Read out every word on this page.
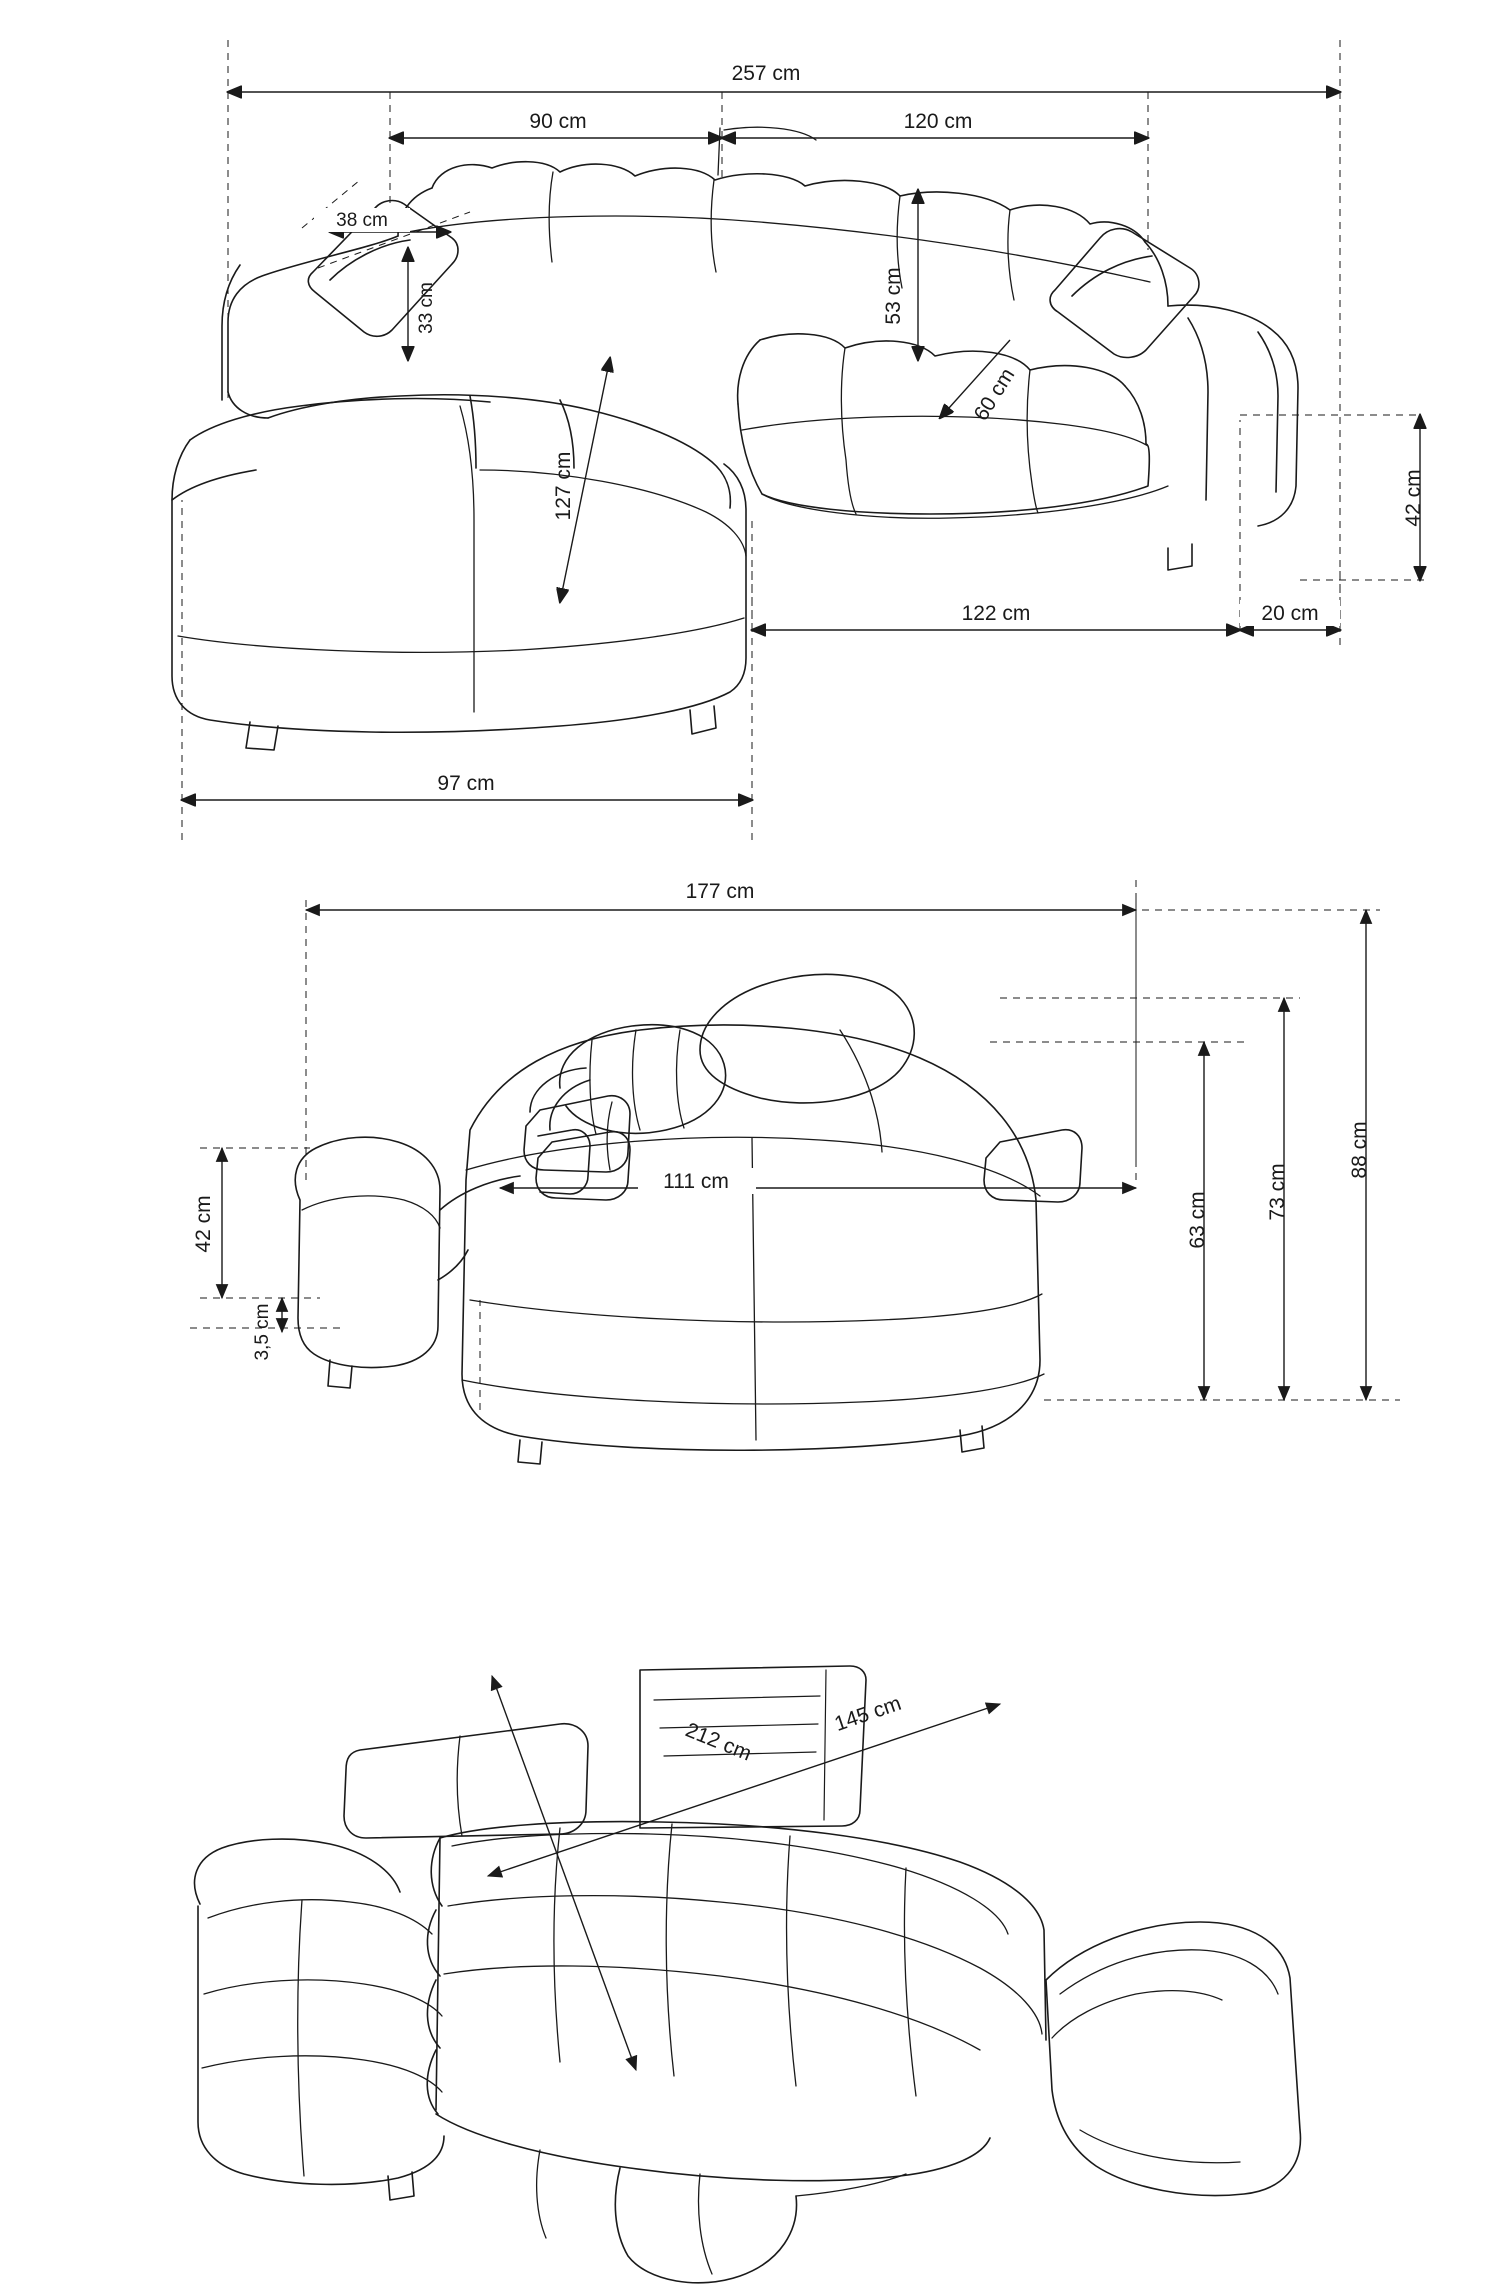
257 cm
90 cm	120 cm
38 cm
33 cm	53 cm
60 cm
127 cm
122 cm	20 cm
42 cm
97 cm
177 cm
111 cm
88 cm
73 cm
63 cm
42 cm
3,5 cm
212 cm
145 cm
